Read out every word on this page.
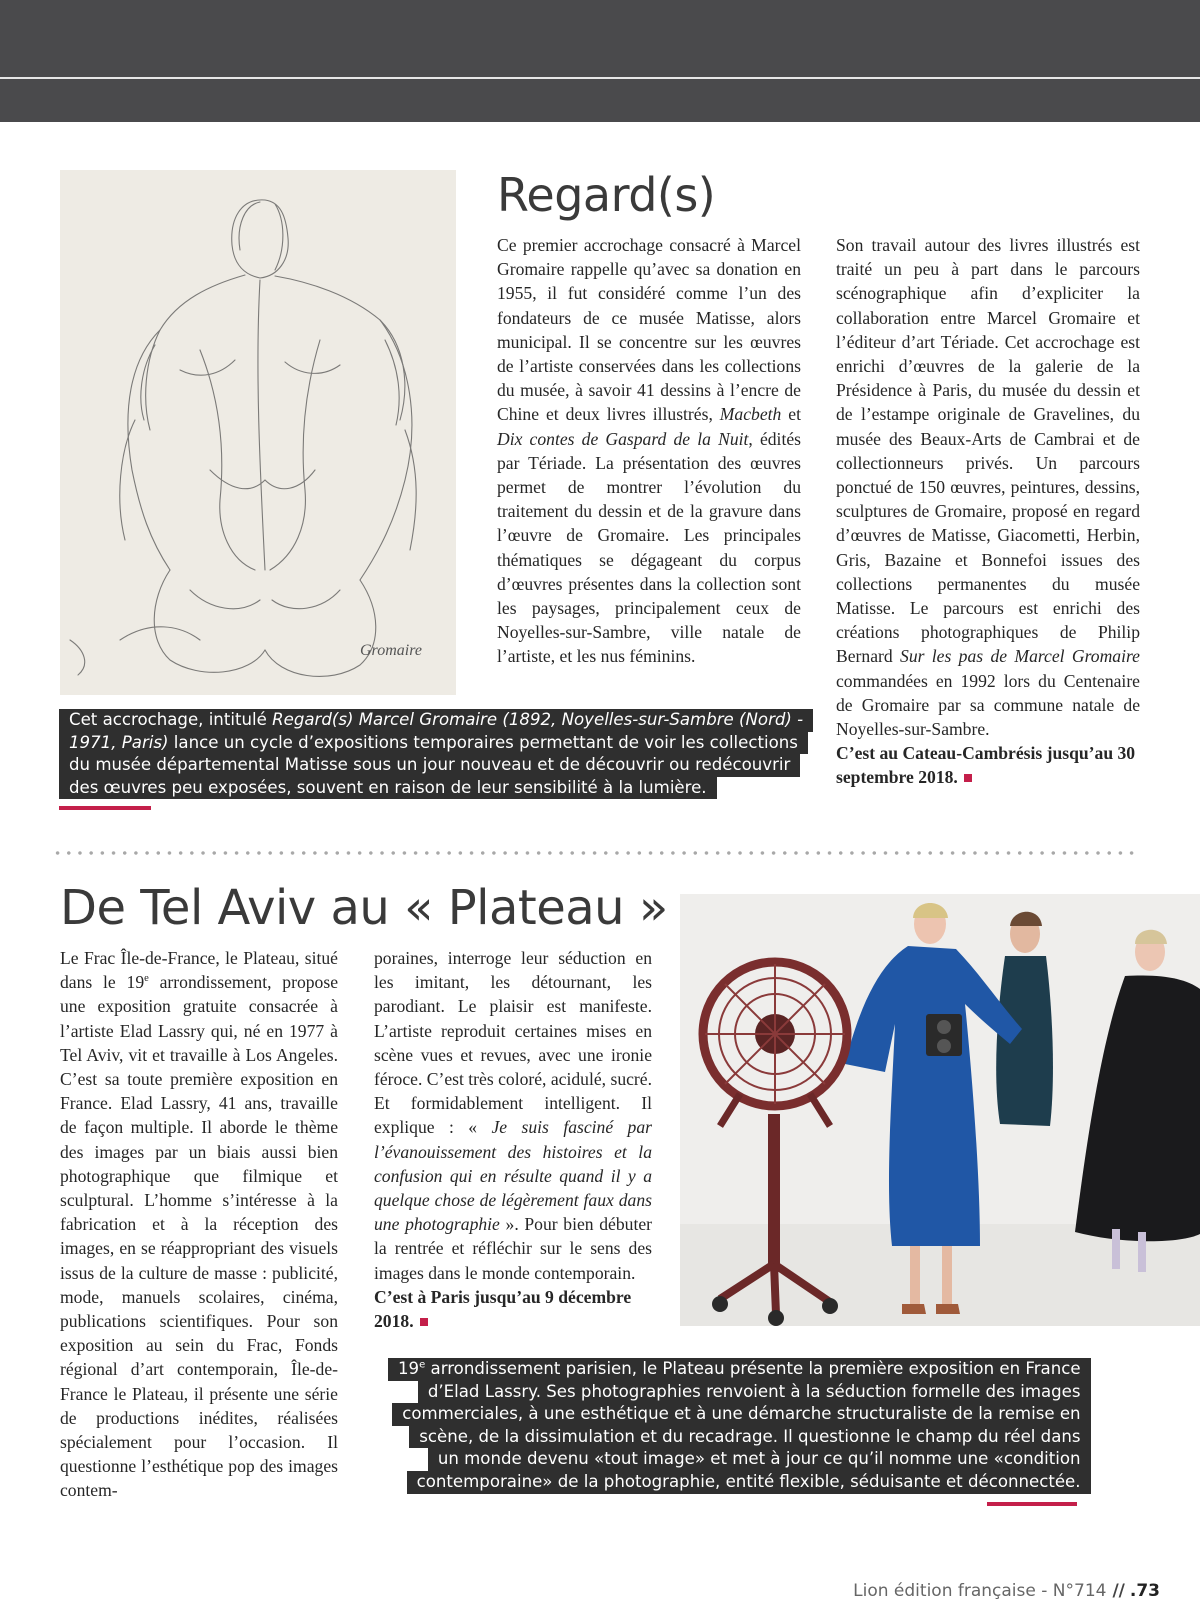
Gromaire
Regard(s)

Ce premier accrochage consacré à Marcel Gromaire rappelle qu’avec sa donation en 1955, il fut considéré comme l’un des fondateurs de ce musée Matisse, alors municipal. Il se concentre sur les œuvres de l’artiste conservées dans les collections du musée, à savoir 41 dessins à l’encre de Chine et deux livres illustrés, Macbeth et Dix contes de Gaspard de la Nuit, édités par Tériade. La présentation des œuvres permet de montrer l’évolution du traitement du dessin et de la gravure dans l’œuvre de Gromaire. Les principales thématiques se dégageant du corpus d’œuvres présentes dans la collection sont les paysages, principalement ceux de Noyelles-sur-Sambre, ville natale de l’artiste, et les nus féminins.

Son travail autour des livres illustrés est traité un peu à part dans le parcours scénographique afin d’expliciter la collaboration entre Marcel Gromaire et l’éditeur d’art Tériade. Cet accrochage est enrichi d’œuvres de la galerie de la Présidence à Paris, du musée du dessin et de l’estampe originale de Gravelines, du musée des Beaux-Arts de Cambrai et de collectionneurs privés. Un parcours ponctué de 150 œuvres, peintures, dessins, sculptures de Gromaire, proposé en regard d’œuvres de Matisse, Giacometti, Herbin, Gris, Bazaine et Bonnefoi issues des collections permanentes du musée Matisse. Le parcours est enrichi des créations photographiques de Philip Bernard Sur les pas de Marcel Gromaire commandées en 1992 lors du Centenaire de Gromaire par sa commune natale de Noyelles-sur-Sambre.

C’est au Cateau-Cambrésis jusqu’au 30 septembre 2018.

Cet accrochage, intitulé Regard(s) Marcel Gromaire (1892, Noyelles-sur-Sambre (Nord) -
1971, Paris) lance un cycle d’expositions temporaires permettant de voir les collections
du musée départemental Matisse sous un jour nouveau et de découvrir ou redécouvrir
des œuvres peu exposées, souvent en raison de leur sensibilité à la lumière.
De Tel Aviv au « Plateau »

Le Frac Île-de-France, le Plateau, situé dans le 19e arrondissement, propose une exposition gratuite consacrée à l’artiste Elad Lassry qui, né en 1977 à Tel Aviv, vit et travaille à Los Angeles. C’est sa toute première exposition en France. Elad Lassry, 41 ans, travaille de façon multiple. Il aborde le thème des images par un biais aussi bien photographique que filmique et sculptural. L’homme s’intéresse à la fabrication et à la réception des images, en se réappropriant des visuels issus de la culture de masse : publicité, mode, manuels scolaires, cinéma, publications scientifiques. Pour son exposition au sein du Frac, Fonds régional d’art contemporain, Île-de-France le Plateau, il présente une série de productions inédites, réalisées spécialement pour l’occasion. Il questionne l’esthétique pop des images contem-

poraines, interroge leur séduction en les imitant, les détournant, les parodiant. Le plaisir est manifeste. L’artiste reproduit certaines mises en scène vues et revues, avec une ironie féroce. C’est très coloré, acidulé, sucré. Et formidablement intelligent. Il explique : « Je suis fasciné par l’évanouissement des histoires et la confusion qui en résulte quand il y a quelque chose de légèrement faux dans une photographie ». Pour bien débuter la rentrée et réfléchir sur le sens des images dans le monde contemporain.

C’est à Paris jusqu’au 9 décembre 2018.

19e arrondissement parisien, le Plateau présente la première exposition en France
d’Elad Lassry. Ses photographies renvoient à la séduction formelle des images
commerciales, à une esthétique et à une démarche structuraliste de la remise en
scène, de la dissimulation et du recadrage. Il questionne le champ du réel dans
un monde devenu «tout image» et met à jour ce qu’il nomme une «condition
contemporaine» de la photographie, entité flexible, séduisante et déconnectée.
Lion édition française - N°714 // .73
